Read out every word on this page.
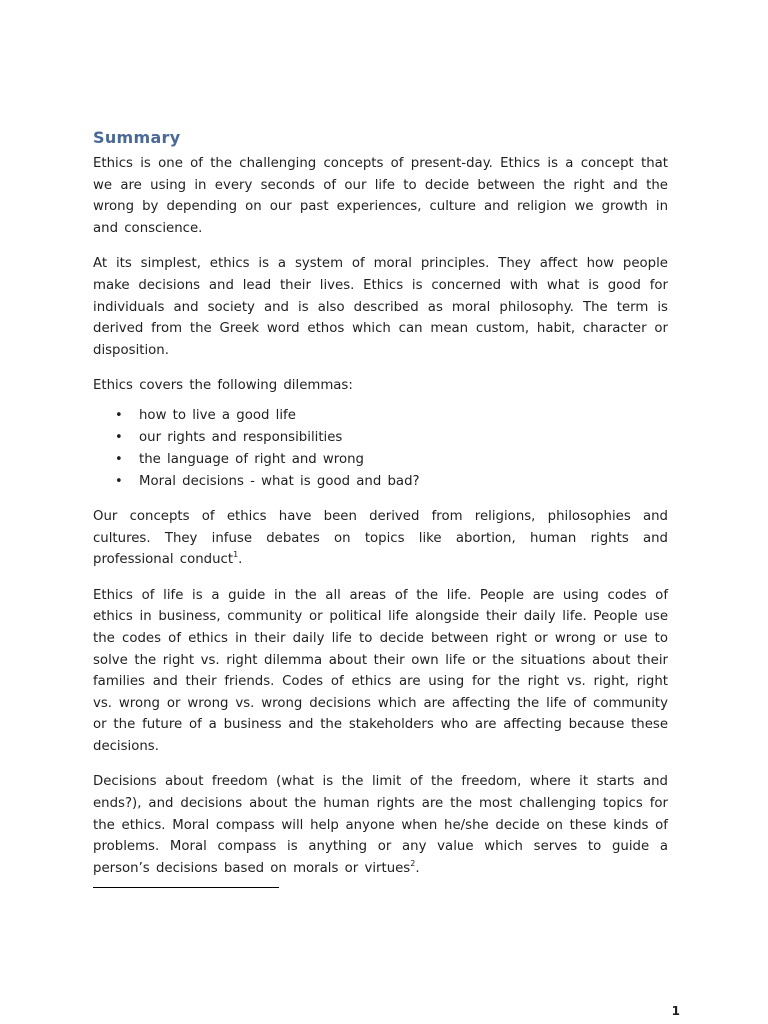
Summary

Ethics is one of the challenging concepts of present-day. Ethics is a concept that we are using in every seconds of our life to decide between the right and the wrong by depending on our past experiences, culture and religion we growth in and conscience.

At its simplest, ethics is a system of moral principles. They affect how people make decisions and lead their lives. Ethics is concerned with what is good for individuals and society and is also described as moral philosophy. The term is derived from the Greek word ethos which can mean custom, habit, character or disposition.

Ethics covers the following dilemmas:

• how to live a good life
• our rights and responsibilities
• the language of right and wrong
• Moral decisions - what is good and bad?

Our concepts of ethics have been derived from religions, philosophies and cultures. They infuse debates on topics like abortion, human rights and professional conduct$^1$.

Ethics of life is a guide in the all areas of the life. People are using codes of ethics in business, community or political life alongside their daily life. People use the codes of ethics in their daily life to decide between right or wrong or use to solve the right vs. right dilemma about their own life or the situations about their families and their friends. Codes of ethics are using for the right vs. right, right vs. wrong or wrong vs. wrong decisions which are affecting the life of community or the future of a business and the stakeholders who are affecting because these decisions.

Decisions about freedom (what is the limit of the freedom, where it starts and ends?), and decisions about the human rights are the most challenging topics for the ethics. Moral compass will help anyone when he/she decide on these kinds of problems. Moral compass is anything or any value which serves to guide a person’s decisions based on morals or virtues$^2$.

1
